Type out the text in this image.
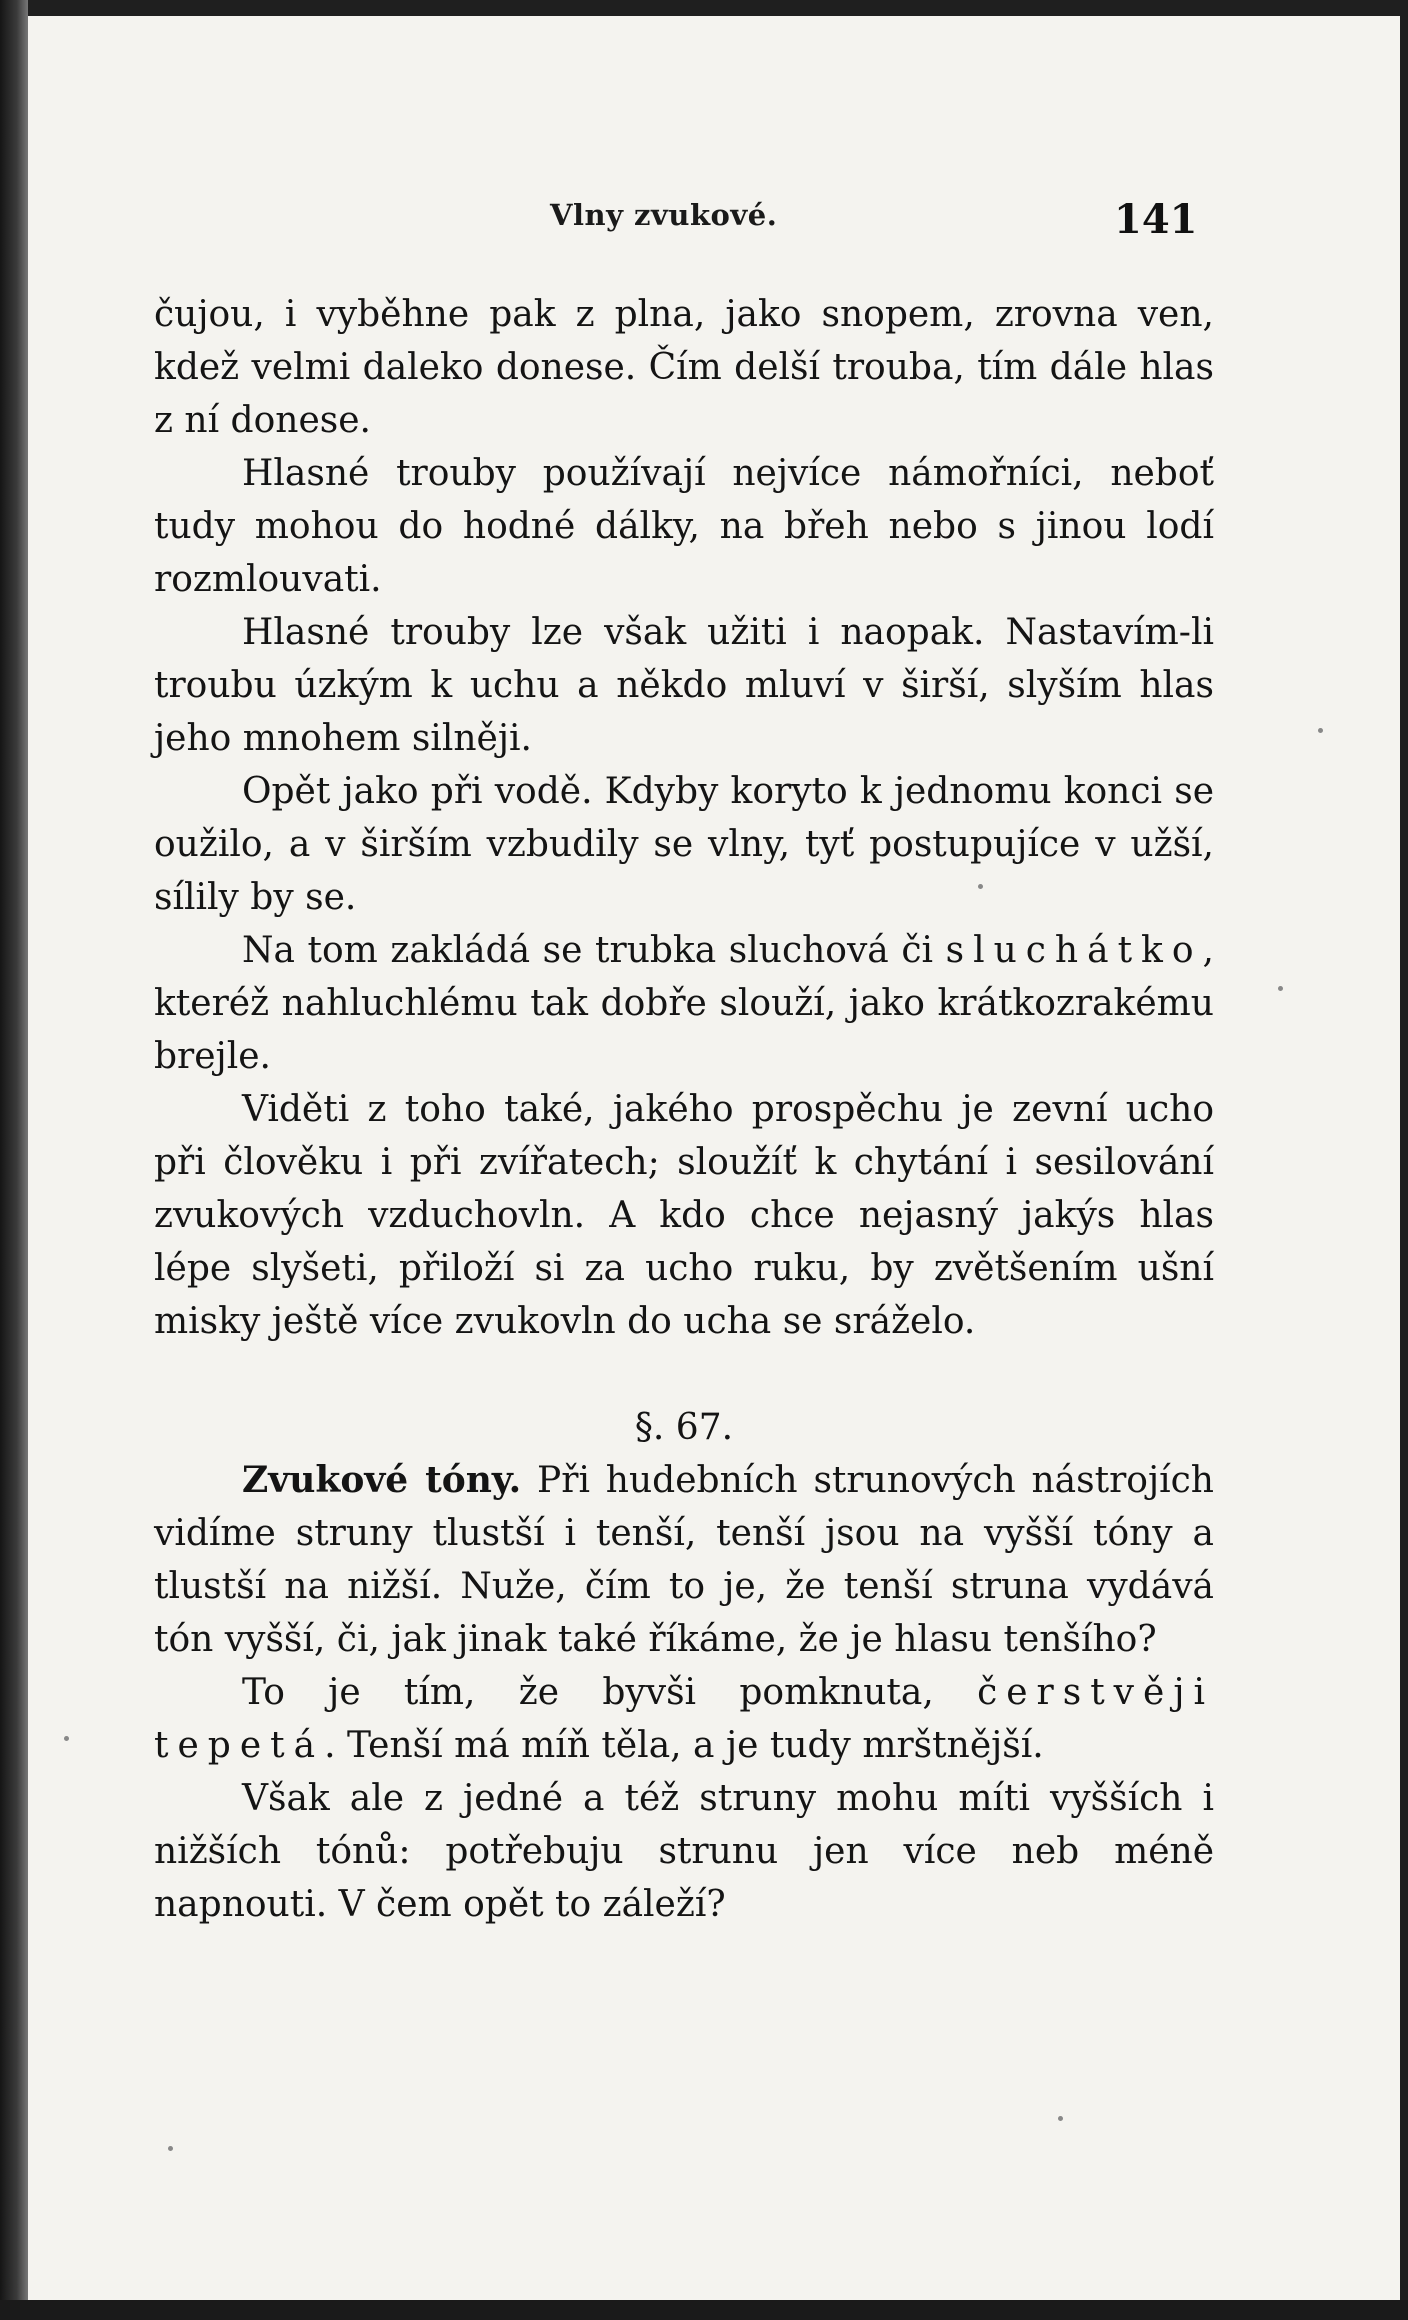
Vlny zvukové.	141

čujou, i vyběhne pak z plna, jako snopem, zrovna ven, kdež velmi daleko donese. Čím delší trouba, tím dále hlas z ní donese.

Hlasné trouby používají nejvíce námořníci, neboť tudy mohou do hodné dálky, na břeh nebo s jinou lodí rozmlouvati.

Hlasné trouby lze však užiti i naopak. Nastavím-li troubu úzkým k uchu a někdo mluví v širší, slyším hlas jeho mnohem silněji.

Opět jako při vodě. Kdyby koryto k jednomu konci se oužilo, a v širším vzbudily se vlny, tyť postupujíce v užší, sílily by se.

Na tom zakládá se trubka sluchová či sluchátko, kteréž nahluchlému tak dobře slouží, jako krátkozrakému brejle.

Viděti z toho také, jakého prospěchu je zevní ucho při člověku i při zvířatech; sloužíť k chytání i sesilování zvukových vzduchovln. A kdo chce nejasný jakýs hlas lépe slyšeti, přiloží si za ucho ruku, by zvětšením ušní misky ještě více zvukovln do ucha se sráželo.

§. 67.

Zvukové tóny. Při hudebních strunových nástrojích vidíme struny tlustší i tenší, tenší jsou na vyšší tóny a tlustší na nižší. Nuže, čím to je, že tenší struna vydává tón vyšší, či, jak jinak také říkáme, že je hlasu tenšího?

To je tím, že byvši pomknuta, čerstvěji tepetá. Tenší má míň těla, a je tudy mrštnější.

Však ale z jedné a též struny mohu míti vyšších i nižších tónů: potřebuju strunu jen více neb méně napnouti. V čem opět to záleží?
